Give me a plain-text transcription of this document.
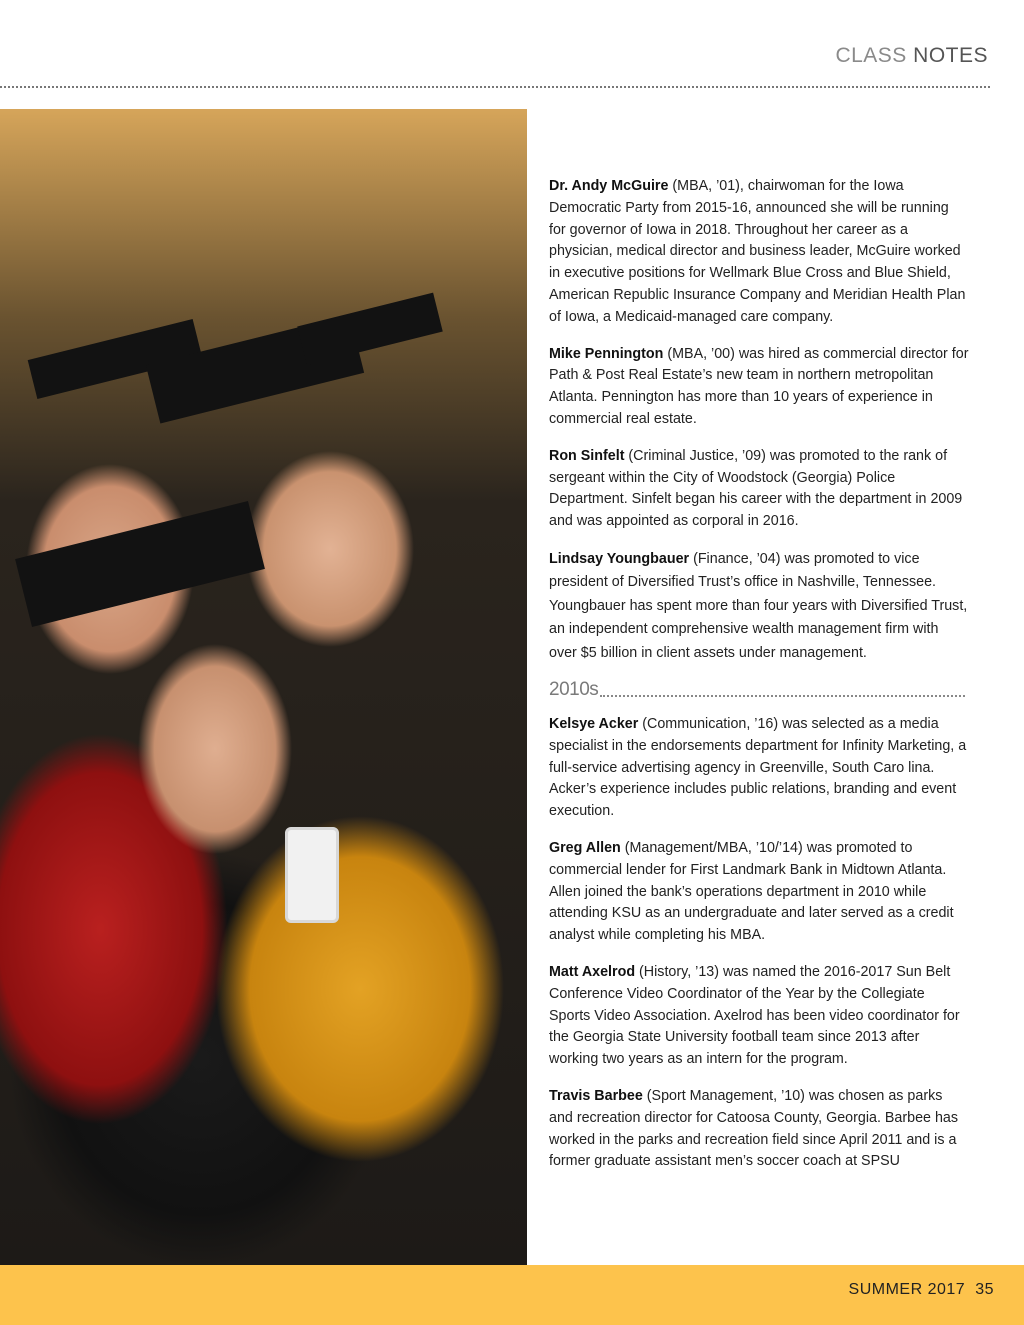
CLASS NOTES

Dr. Andy McGuire (MBA, ’01), chairwoman for the Iowa Democratic Party from 2015-16, announced she will be running for governor of Iowa in 2018. Throughout her career as a physician, medical director and business leader, McGuire worked in executive positions for Wellmark Blue Cross and Blue Shield, American Republic Insurance Company and Meridian Health Plan of Iowa, a Medicaid-managed care company.

Mike Pennington (MBA, ’00) was hired as commercial director for Path & Post Real Estate’s new team in northern metropolitan Atlanta. Pennington has more than 10 years of experience in commercial real estate.

Ron Sinfelt (Criminal Justice, ’09) was promoted to the rank of sergeant within the City of Woodstock (Georgia) Police Department. Sinfelt began his career with the department in 2009 and was appointed as corporal in 2016.

Lindsay Youngbauer (Finance, ’04) was promoted to vice president of Diversified Trust’s office in Nashville, Tennessee. Youngbauer has spent more than four years with Diversified Trust, an independent comprehensive wealth management firm with over $5 billion in client assets under management.

2010s

Kelsye Acker (Communication, ’16) was selected as a media specialist in the endorsements department for Infinity Marketing, a full-service advertising agency in Greenville, South Caro lina. Acker’s experience includes public relations, branding and event execution.

Greg Allen (Management/MBA, ’10/’14) was promoted to commercial lender for First Landmark Bank in Midtown Atlanta. Allen joined the bank’s operations department in 2010 while attending KSU as an undergraduate and later served as a credit analyst while completing his MBA.

Matt Axelrod (History, ’13) was named the 2016-2017 Sun Belt Conference Video Coordinator of the Year by the Collegiate Sports Video Association. Axelrod has been video coordinator for the Georgia State University football team since 2013 after working two years as an intern for the program.

Travis Barbee (Sport Management, ’10) was chosen as parks and recreation director for Catoosa County, Georgia. Barbee has worked in the parks and recreation field since April 2011 and is a former graduate assistant men’s soccer coach at SPSU

SUMMER 2017 35
